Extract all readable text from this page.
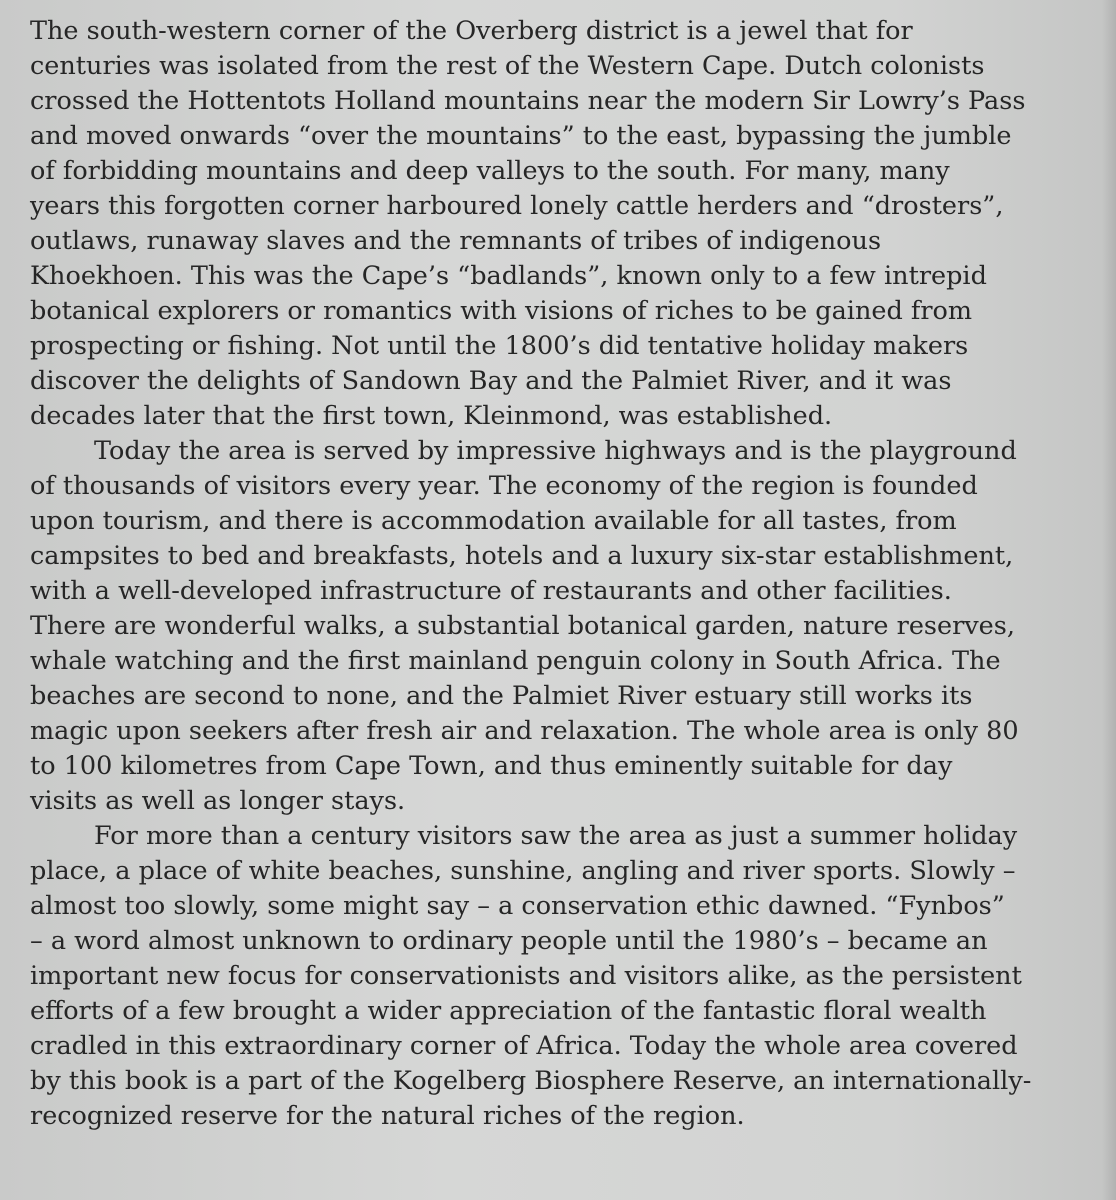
The south-western corner of the Overberg district is a jewel that for
centuries was isolated from the rest of the Western Cape. Dutch colonists
crossed the Hottentots Holland mountains near the modern Sir Lowry’s Pass
and moved onwards “over the mountains” to the east, bypassing the jumble
of forbidding mountains and deep valleys to the south. For many, many
years this forgotten corner harboured lonely cattle herders and “drosters”,
outlaws, runaway slaves and the remnants of tribes of indigenous
Khoekhoen. This was the Cape’s “badlands”, known only to a few intrepid
botanical explorers or romantics with visions of riches to be gained from
prospecting or fishing. Not until the 1800’s did tentative holiday makers
discover the delights of Sandown Bay and the Palmiet River, and it was
decades later that the first town, Kleinmond, was established.
Today the area is served by impressive highways and is the playground
of thousands of visitors every year. The economy of the region is founded
upon tourism, and there is accommodation available for all tastes, from
campsites to bed and breakfasts, hotels and a luxury six-star establishment,
with a well-developed infrastructure of restaurants and other facilities.
There are wonderful walks, a substantial botanical garden, nature reserves,
whale watching and the first mainland penguin colony in South Africa. The
beaches are second to none, and the Palmiet River estuary still works its
magic upon seekers after fresh air and relaxation. The whole area is only 80
to 100 kilometres from Cape Town, and thus eminently suitable for day
visits as well as longer stays.
For more than a century visitors saw the area as just a summer holiday
place, a place of white beaches, sunshine, angling and river sports. Slowly –
almost too slowly, some might say – a conservation ethic dawned. “Fynbos”
– a word almost unknown to ordinary people until the 1980’s – became an
important new focus for conservationists and visitors alike, as the persistent
efforts of a few brought a wider appreciation of the fantastic floral wealth
cradled in this extraordinary corner of Africa. Today the whole area covered
by this book is a part of the Kogelberg Biosphere Reserve, an internationally-
recognized reserve for the natural riches of the region.
